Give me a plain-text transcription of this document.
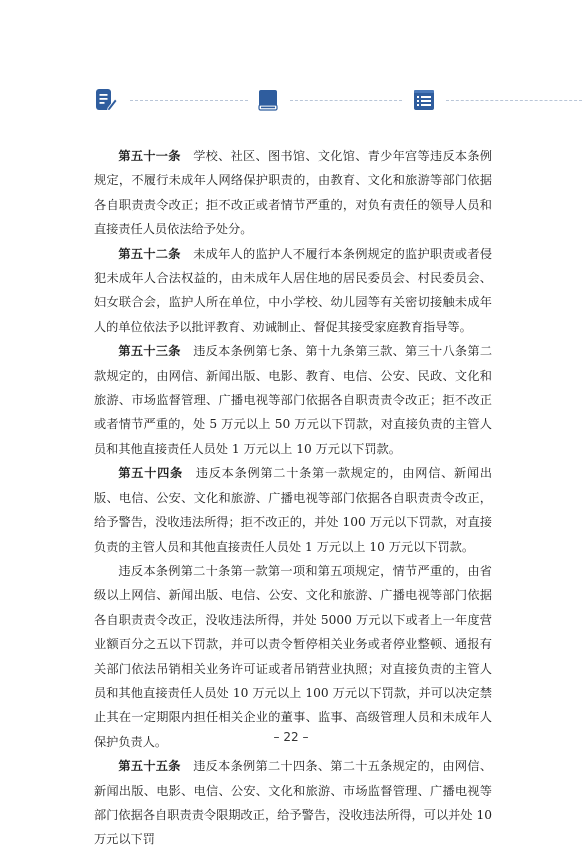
第五十一条　 学校、社区、图书馆、文化馆、青少年宫等违反本条例规定，不履行未成年人网络保护职责的，由教育、文化和旅游等部门依据各自职责责令改正；拒不改正或者情节严重的，对负有责任的领导人员和直接责任人员依法给予处分。

第五十二条　 未成年人的监护人不履行本条例规定的监护职责或者侵犯未成年人合法权益的，由未成年人居住地的居民委员会、村民委员会、妇女联合会，监护人所在单位，中小学校、幼儿园等有关密切接触未成年人的单位依法予以批评教育、劝诫制止、督促其接受家庭教育指导等。

第五十三条　 违反本条例第七条、第十九条第三款、第三十八条第二款规定的，由网信、新闻出版、电影、教育、电信、公安、民政、文化和旅游、市场监督管理、广播电视等部门依据各自职责责令改正；拒不改正或者情节严重的，处 5 万元以上 50 万元以下罚款，对直接负责的主管人员和其他直接责任人员处 1 万元以上 10 万元以下罚款。

第五十四条　 违反本条例第二十条第一款规定的，由网信、新闻出版、电信、公安、文化和旅游、广播电视等部门依据各自职责责令改正，给予警告，没收违法所得；拒不改正的，并处 100 万元以下罚款，对直接负责的主管人员和其他直接责任人员处 1 万元以上 10 万元以下罚款。

违反本条例第二十条第一款第一项和第五项规定，情节严重的，由省级以上网信、新闻出版、电信、公安、文化和旅游、广播电视等部门依据各自职责责令改正，没收违法所得，并处 5000 万元以下或者上一年度营业额百分之五以下罚款，并可以责令暂停相关业务或者停业整顿、通报有关部门依法吊销相关业务许可证或者吊销营业执照；对直接负责的主管人员和其他直接责任人员处 10 万元以上 100 万元以下罚款，并可以决定禁止其在一定期限内担任相关企业的董事、监事、高级管理人员和未成年人保护负责人。

第五十五条　 违反本条例第二十四条、第二十五条规定的，由网信、新闻出版、电影、电信、公安、文化和旅游、市场监督管理、广播电视等部门依据各自职责责令限期改正，给予警告，没收违法所得，可以并处 10 万元以下罚

– 22 –
